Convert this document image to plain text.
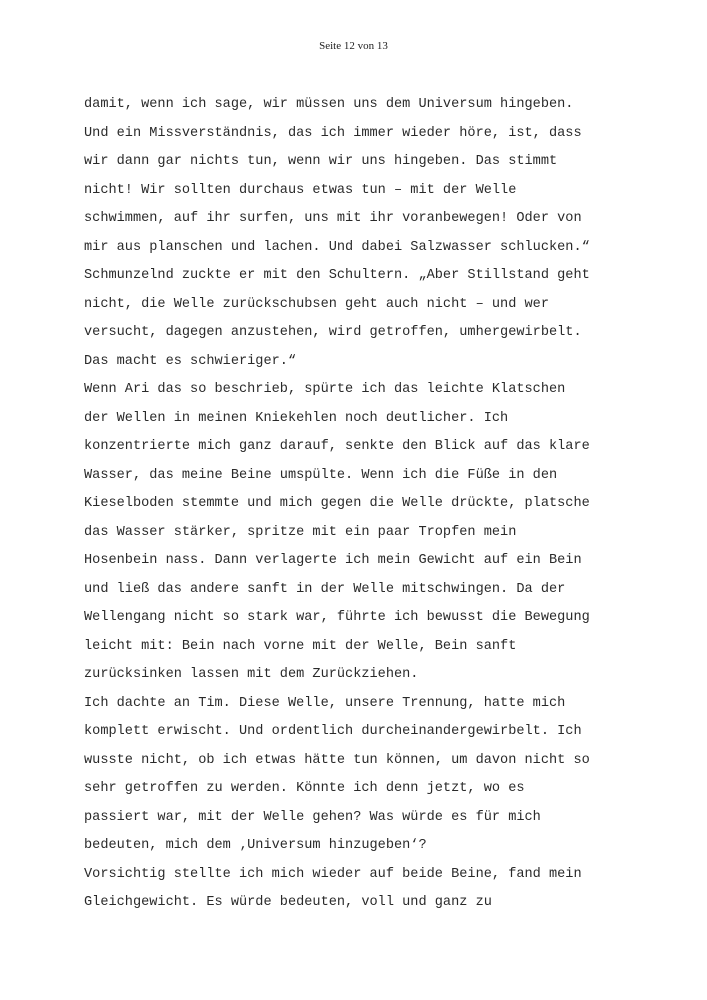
Seite 12 von 13
damit, wenn ich sage, wir müssen uns dem Universum hingeben.
Und ein Missverständnis, das ich immer wieder höre, ist, dass
wir dann gar nichts tun, wenn wir uns hingeben. Das stimmt
nicht! Wir sollten durchaus etwas tun – mit der Welle
schwimmen, auf ihr surfen, uns mit ihr voranbewegen! Oder von
mir aus planschen und lachen. Und dabei Salzwasser schlucken.“
Schmunzelnd zuckte er mit den Schultern. „Aber Stillstand geht
nicht, die Welle zurückschubsen geht auch nicht – und wer
versucht, dagegen anzustehen, wird getroffen, umhergewirbelt.
Das macht es schwieriger.“
Wenn Ari das so beschrieb, spürte ich das leichte Klatschen
der Wellen in meinen Kniekehlen noch deutlicher. Ich
konzentrierte mich ganz darauf, senkte den Blick auf das klare
Wasser, das meine Beine umspülte. Wenn ich die Füße in den
Kieselboden stemmte und mich gegen die Welle drückte, platsche
das Wasser stärker, spritze mit ein paar Tropfen mein
Hosenbein nass. Dann verlagerte ich mein Gewicht auf ein Bein
und ließ das andere sanft in der Welle mitschwingen. Da der
Wellengang nicht so stark war, führte ich bewusst die Bewegung
leicht mit: Bein nach vorne mit der Welle, Bein sanft
zurücksinken lassen mit dem Zurückziehen.
Ich dachte an Tim. Diese Welle, unsere Trennung, hatte mich
komplett erwischt. Und ordentlich durcheinandergewirbelt. Ich
wusste nicht, ob ich etwas hätte tun können, um davon nicht so
sehr getroffen zu werden. Könnte ich denn jetzt, wo es
passiert war, mit der Welle gehen? Was würde es für mich
bedeuten, mich dem ‚Universum hinzugeben‘?
Vorsichtig stellte ich mich wieder auf beide Beine, fand mein
Gleichgewicht. Es würde bedeuten, voll und ganz zu
